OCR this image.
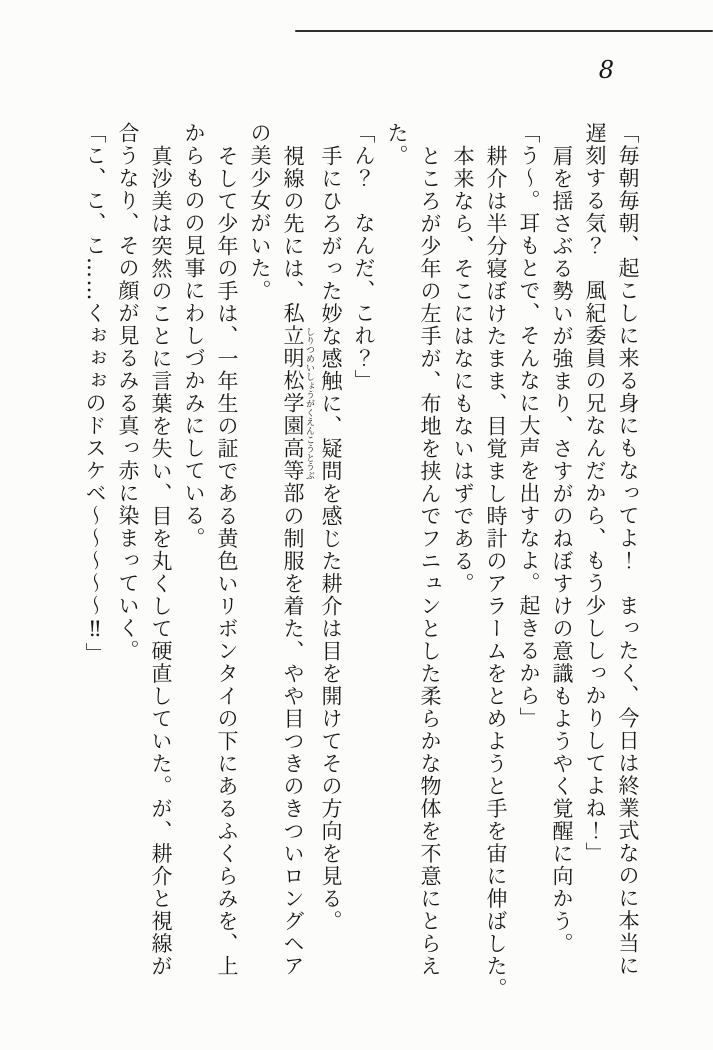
8

「毎朝毎朝、起こしに来る身にもなってよ！　まったく、今日は終業式なのに本当に

遅刻する気？　風紀委員の兄なんだから、もう少ししっかりしてよね！」

肩を揺さぶる勢いが強まり、さすがのねぼすけの意識もようやく覚醒に向かう。

「う〜。耳もとで、そんなに大声を出すなよ。起きるから」

耕介は半分寝ぼけたまま、目覚まし時計のアラームをとめようと手を宙に伸ばした。

本来なら、そこにはなにもないはずである。

ところが少年の左手が、布地を挟んでフニュンとした柔らかな物体を不意にとらえ

た。

「ん？　なんだ、これ？」

手にひろがった妙な感触に、疑問を感じた耕介は目を開けてその方向を見る。

視線の先には、私立明松学園高等部 しりつめいしょうがくえんこうとうぶの制服を着た、やや目つきのきついロングヘア

の美少女がいた。

そして少年の手は、一年生の証である黄色いリボンタイの下にあるふくらみを、上

からものの見事にわしづかみにしている。

真沙美は突然のことに言葉を失い、目を丸くして硬直していた。が、耕介と視線が

合うなり、その顔が見るみる真っ赤に染まっていく。

「こ、こ、こ……くぉぉぉのドスケベ〜〜〜〜〜‼」
